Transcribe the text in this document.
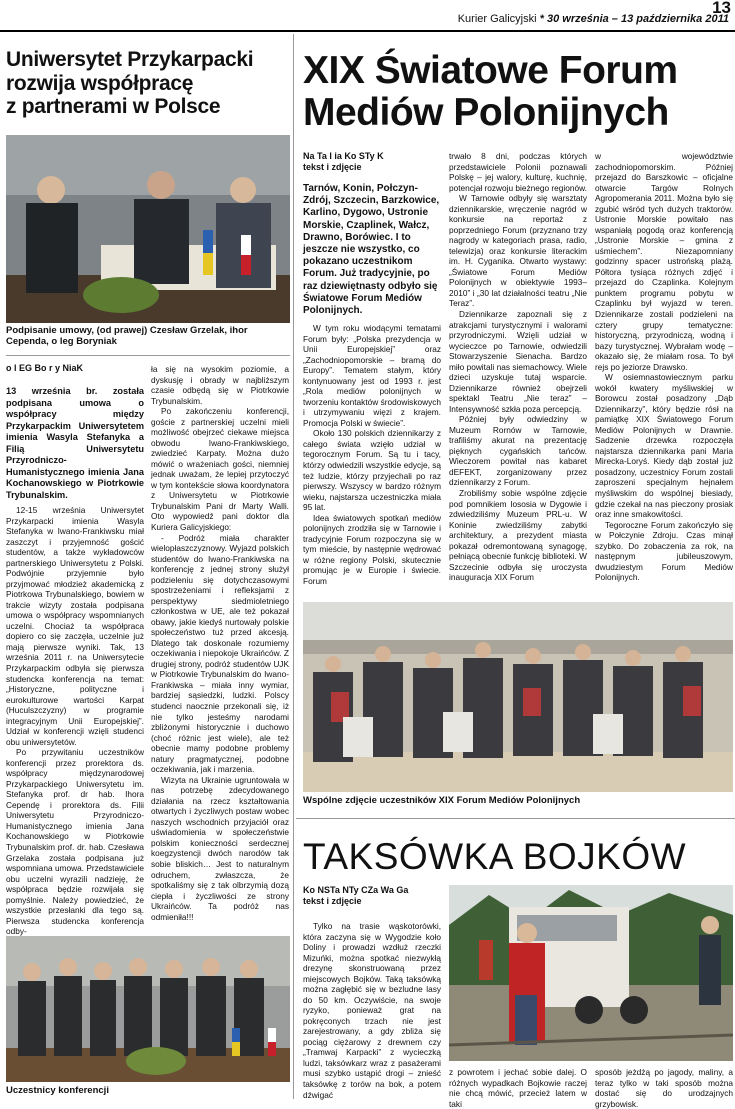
13
Kurier Galicyjski * 30 września – 13 października 2011
Uniwersytet Przykarpacki
rozwija współpracę
z partnerami w Polsce
Podpisanie umowy, (od prawej) Czesław Grzelak, ihor Cependa, o leg Boryniak
o l EG Bo r y NiaK

13 września br. została podpisana umowa o współpracy między Przykarpackim Uniwersytetem imienia Wasyla Stefanyka a Filią Uniwersytetu Przyrodniczo-Humanistycznego imienia Jana Kochanowskiego w Piotrkowie Trybunalskim.

12-15 września Uniwersytet Przykarpacki imienia Wasyla Stefanyka w Iwano-Frankiwsku miał zaszczyt i przyjemność gościć studentów, a także wykładowców partnerskiego Uniwersytetu z Polski. Podwójnie przyjemnie było przyjmować młodzież akademicką z Piotrkowa Trybunalskiego, bowiem w trakcie wizyty została podpisana umowa o współpracy wspomnianych uczelni. Chociaż ta współpraca dopiero co się zaczęła, uczelnie już mają pierwsze wyniki. Tak, 13 września 2011 r. na Uniwersytecie Przykarpackim odbyła się pierwsza studencka konferencja na temat: „Historyczne, polityczne i eurokulturowe wartości Karpat (Huculszczyzny) w programie integracyjnym Unii Europejskiej”. Udział w konferencji wzięli studenci obu uniwersytetów.

Po przywitaniu uczestników konferencji przez prorektora ds. współpracy międzynarodowej Przykarpackiego Uniwersytetu im. Stefanyka prof. dr hab. Ihora Cependę i prorektora ds. Filii Uniwersytetu Przyrodniczo-Humanistycznego imienia Jana Kochanowskiego w Piotrkowie Trybunalskim prof. dr. hab. Czesława Grzelaka została podpisana już wspomniana umowa. Przedstawiciele obu uczelni wyrazili nadzieję, że współpraca będzie rozwijała się pomyślnie. Należy powiedzieć, że wszystkie przesłanki dla tego są. Pierwsza studencka konferencja odby-

ła się na wysokim poziomie, a dyskusję i obrady w najbliższym czasie odbędą się w Piotrkowie Trybunalskim.

Po zakończeniu konferencji, goście z partnerskiej uczelni mieli możliwość obejrzeć ciekawe miejsca obwodu Iwano-Frankiwskiego, zwiedzieć Karpaty. Można dużo mówić o wrażeniach gości, niemniej jednak uważam, że lepiej przytoczyć w tym kontekście słowa koordynatora z Uniwersytetu w Piotrkowie Trybunalskim Pani dr Marty Walli. Oto wypowiedź pani doktor dla Kuriera Galicyjskiego:

- Podróż miała charakter wielopłaszczyznowy. Wyjazd polskich studentów do Iwano-Frankiwska na konferencję z jednej strony służył podzieleniu się dotychczasowymi spostrzeżeniami i refleksjami z perspektywy siedmioletniego członkostwa w UE, ale też pokazał obawy, jakie kiedyś nurtowały polskie społeczeństwo tuż przed akcesją. Dlatego tak doskonale rozumiemy oczekiwania i niepokoje Ukraińców. Z drugiej strony, podróż studentów UJK w Piotrkowie Trybunalskim do Iwano-Frankiwska – miała inny wymiar, bardziej sąsiedzki, ludzki. Polscy studenci naocznie przekonali się, iż nie tylko jesteśmy narodami zbliżonymi historycznie i duchowo (choć różnic jest wiele), ale też obecnie mamy podobne problemy natury pragmatycznej, podobne oczekiwania, jak i marzenia.

Wizyta na Ukrainie ugruntowała w nas potrzebę zdecydowanego działania na rzecz kształtowania otwartych i życzliwych postaw wobec naszych wschodnich przyjaciół oraz uświadomienia w społeczeństwie polskim konieczności serdecznej koegzystencji dwóch narodów tak sobie bliskich… Jest to naturalnym odruchem, zwłaszcza, że spotkaliśmy się z tak olbrzymią dozą ciepła i życzliwości ze strony Ukraińców. Ta podróż nas odmieniła!!!

Uczestnicy konferencji
XIX Światowe Forum
Mediów Polonijnych
Na Ta l ia Ko STy K
tekst i zdjęcie

Tarnów, Konin, Połczyn-Zdrój, Szczecin, Barzkowice, Karlino, Dygowo, Ustronie Morskie, Czaplinek, Wałcz, Drawno, Borówiec. I to jeszcze nie wszystko, co pokazano uczestnikom Forum. Już tradycyjnie, po raz dziewiętnasty odbyło się Światowe Forum Mediów Polonijnych.

W tym roku wiodącymi tematami Forum były: „Polska prezydencja w Unii Europejskiej” oraz „Zachodniopomorskie – bramą do Europy”. Tematem stałym, który kontynuowany jest od 1993 r. jest „Rola mediów polonijnych w tworzeniu kontaktów środowiskowych i utrzymywaniu więzi z krajem. Promocja Polski w świecie”.

Około 130 polskich dziennikarzy z całego świata wzięło udział w tegorocznym Forum. Są tu i tacy, którzy odwiedzili wszystkie edycje, są też ludzie, którzy przyjechali po raz pierwszy. Wszyscy w bardzo różnym wieku, najstarsza uczestniczka miała 95 lat.

Idea światowych spotkań mediów polonijnych zrodziła się w Tarnowie i tradycyjnie Forum rozpoczyna się w tym mieście, by następnie wędrować w różne regiony Polski, skutecznie promując je w Europie i świecie. Forum

trwało 8 dni, podczas których przedstawiciele Polonii poznawali Polskę – jej walory, kulturę, kuchnię, potencjał rozwoju bieżnego regionów.

W Tarnowie odbyły się warsztaty dziennikarskie, wręczenie nagród w konkursie na reportaż z poprzedniego Forum (przyznano trzy nagrody w kategoriach prasa, radio, telewizja) oraz konkursie literackim im. H. Cyganika. Otwarto wystawy: „Światowe Forum Mediów Polonijnych w obiektywie 1993–2010” i „30 lat działalności teatru „Nie Teraz”.

Dziennikarze zapoznali się z atrakcjami turystycznymi i walorami przyrodniczymi. Wzięli udział w wycieczce po Tarnowie, odwiedzili Stowarzyszenie Sienacha. Bardzo miło powitali nas siemachowcy. Wiele dzieci uzyskuje tutaj wsparcie. Dziennikarze również obejrzeli spektakl Teatru „Nie teraz” – Intensywność szkła poza percepcją.

Później były odwiedziny w Muzeum Rornów w Tarnowie, trafiliśmy akurat na prezentację pięknych cygańskich tańców. Wieczorem powitał nas kabaret dEFEKT, zorganizowany przez dziennikarzy z Forum.

Zrobiliśmy sobie wspólne zdjęcie pod pomnikiem Iososia w Dygowie i zdwiedziliśmy Muzeum PRL-u. W Koninie zwiedziliśmy zabytki architektury, a prezydent miasta pokazał odremontowaną synagogę, pełniącą obecnie funkcję biblioteki. W Szczecinie odbyła się uroczysta inauguracja XIX Forum

w województwie zachodniopomorskim. Później przejazd do Barszkowic – oficjalne otwarcie Targów Rolnych Agropomerania 2011. Można było się zgubić wśród tych dużych traktorów. Ustronie Morskie powitało nas wspaniałą pogodą oraz konferencją „Ustronie Morskie – gmina z uśmiechem”. Niezapomniany godzinny spacer ustrońską plażą. Półtora tysiąca różnych zdjęć i przejazd do Czaplinka. Kolejnym punktem programu pobytu w Czaplinku był wyjazd w teren. Dziennikarze zostali podzieleni na cztery grupy tematyczne: historyczną, przyrodniczą, wodną i bazy turystycznej. Wybrałam wodę – okazało się, że miałam rosa. To był rejs po jeziorze Drawsko.

W osiemnastowiecznym parku wokół kwatery myśliwskiej w Borowcu został posadzony „Dąb Dziennikarzy”, który będzie rósł na pamiątkę XIX Światowego Forum Mediów Polonijnych w Drawnie. Sadzenie drzewka rozpoczęła najstarsza dziennikarka pani Maria Mirecka-Loryś. Kiedy dąb został już posadzony, uczestnicy Forum zostali zaproszeni specjalnym hejnałem myśliwskim do wspólnej biesiady, gdzie czekał na nas pieczony prosiak oraz inne smakowitości.

Tegoroczne Forum zakończyło się w Połczynie Zdroju. Czas minął szybko. Do zobaczenia za rok, na następnym jubileuszowym, dwudziestym Forum Mediów Polonijnych.

Wspólne zdjęcie uczestników XIX Forum Mediów Polonijnych
TAKSÓWKA BOJKÓW
Ko NSTa NTy CZa Wa Ga
tekst i zdjęcie

Tylko na trasie wąskotorówki, która zaczyna się w Wygodzie koło Doliny i prowadzi wzdłuż rzeczki Mizuńki, można spotkać niezwykłą drezynę skonstruowaną przez miejscowych Bojków. Taką taksówką można zagłębić się w bezludne lasy do 50 km. Oczywiście, na swoje ryzyko, ponieważ grat na pokręconych trzach nie jest zarejestrowany, a gdy zbliża się pociąg ciężarowy z drewnem czy „Tramwaj Karpacki” z wycieczką ludzi, taksówkarz wraz z pasażerami musi szybko ustąpić drogi – znieść taksówkę z torów na bok, a potem dźwigać

z powrotem i jechać sobie dalej. O różnych wypadkach Bojkowie raczej nie chcą mówić, przecież latem w taki

sposób jeżdżą po jagody, maliny, a teraz tylko w taki sposób można dostać się do urodzajnych grzybowisk.
